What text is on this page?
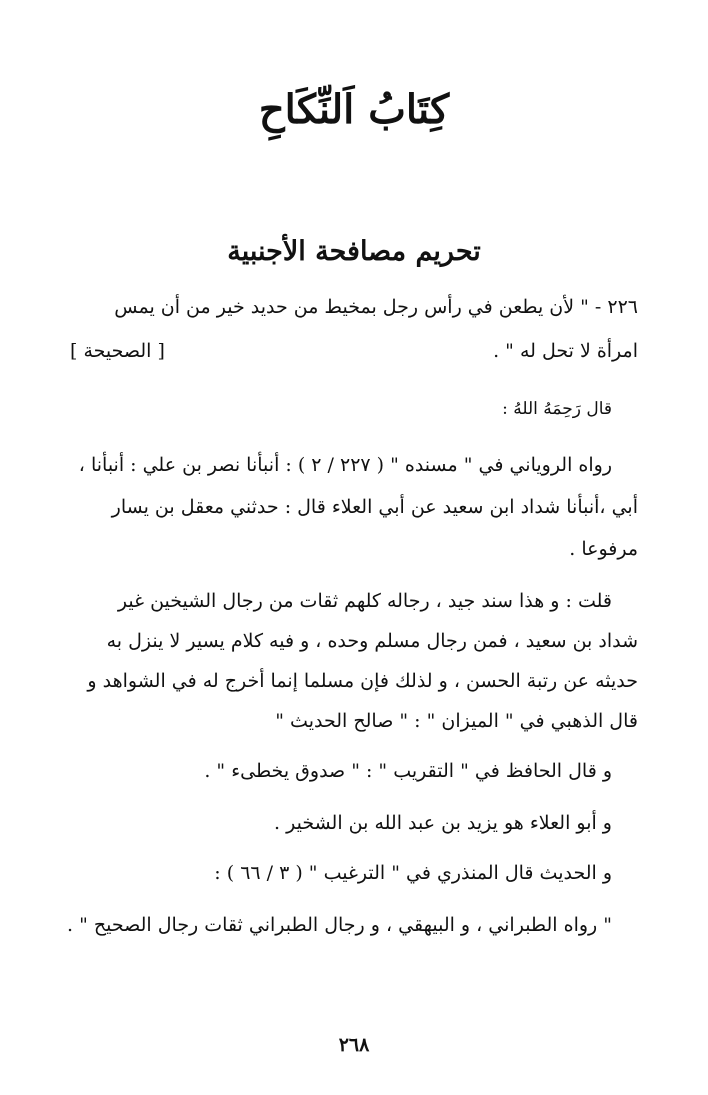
كِتَابُ اَلنِّكَاحِ
تحريم مصافحة الأجنبية
٢٢٦ - " لأن يطعن في رأس رجل بمخيط من حديد خير من أن يمس
امرأة لا تحل له " .
[ الصحيحة ]
قال رَحِمَهُ اللهُ :
رواه الروياني في " مسنده " ( ٢٢٧ / ٢ ) : أنبأنا نصر بن علي : أنبأنا ،
أبي ،أنبأنا شداد ابن سعيد عن أبي العلاء قال : حدثني معقل بن يسار
مرفوعا .
قلت : و هذا سند جيد ، رجاله كلهم ثقات من رجال الشيخين غير
شداد بن سعيد ، فمن رجال مسلم وحده ، و فيه كلام يسير لا ينزل به
حديثه عن رتبة الحسن ، و لذلك فإن مسلما إنما أخرج له في الشواهد و
قال الذهبي في " الميزان " : " صالح الحديث "
و قال الحافظ في " التقريب " : " صدوق يخطىء " .
و أبو العلاء هو يزيد بن عبد الله بن الشخير .
و الحديث قال المنذري في " الترغيب " ( ٣ / ٦٦ ) :
" رواه الطبراني ، و البيهقي ، و رجال الطبراني ثقات رجال الصحيح " .
٢٦٨
